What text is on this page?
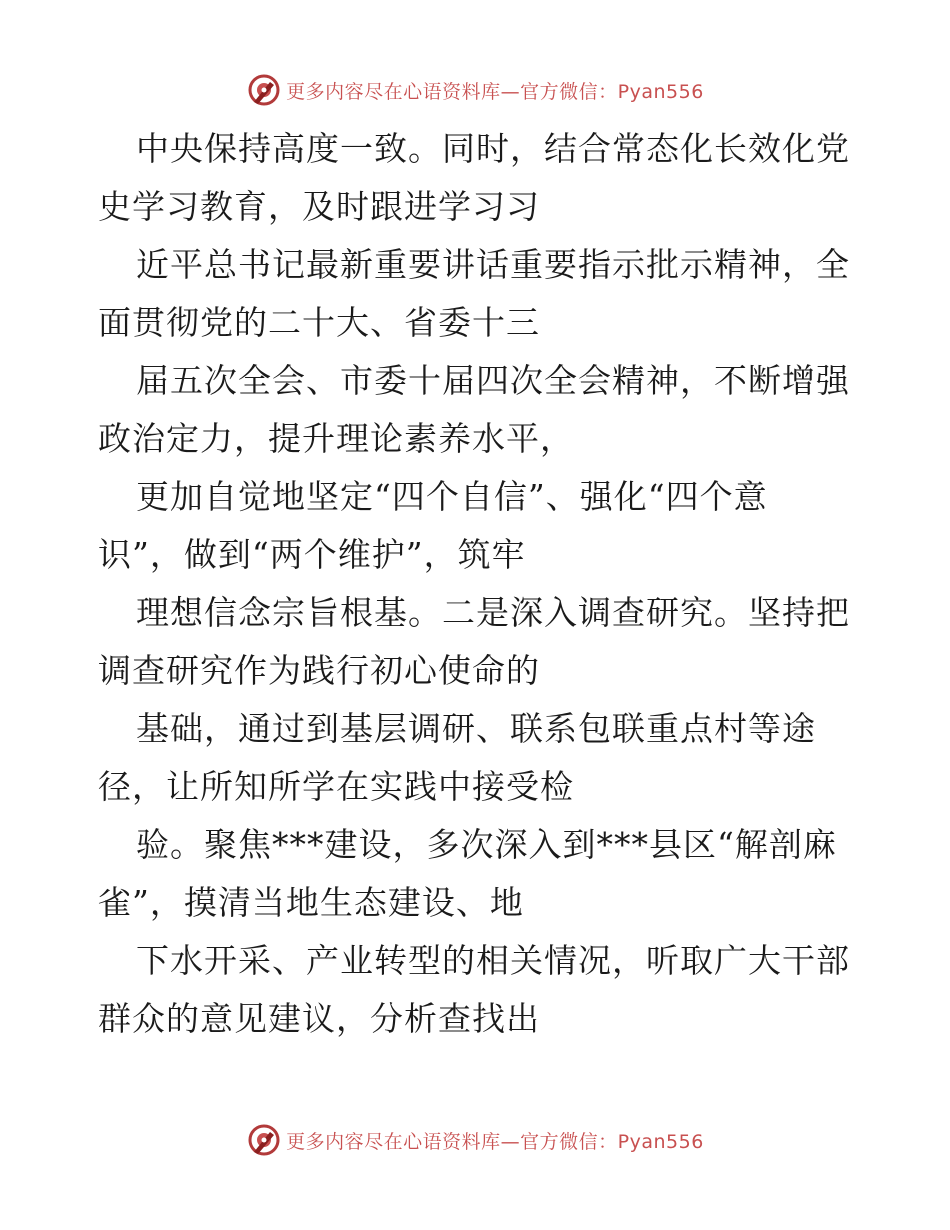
更多内容尽在心语资料库—官方微信：Pyan556
中央保持高度一致。同时，结合常态化长效化党
史学习教育，及时跟进学习习
近平总书记最新重要讲话重要指示批示精神，全
面贯彻党的二十大、省委十三
届五次全会、市委十届四次全会精神，不断增强
政治定力，提升理论素养水平，
更加自觉地坚定“四个自信”、强化“四个意
识”，做到“两个维护”，筑牢
理想信念宗旨根基。二是深入调查研究。坚持把
调查研究作为践行初心使命的
基础，通过到基层调研、联系包联重点村等途
径，让所知所学在实践中接受检
验。聚焦***建设，多次深入到***县区“解剖麻
雀”，摸清当地生态建设、地
下水开采、产业转型的相关情况，听取广大干部
群众的意见建议，分析查找出
更多内容尽在心语资料库—官方微信：Pyan556
